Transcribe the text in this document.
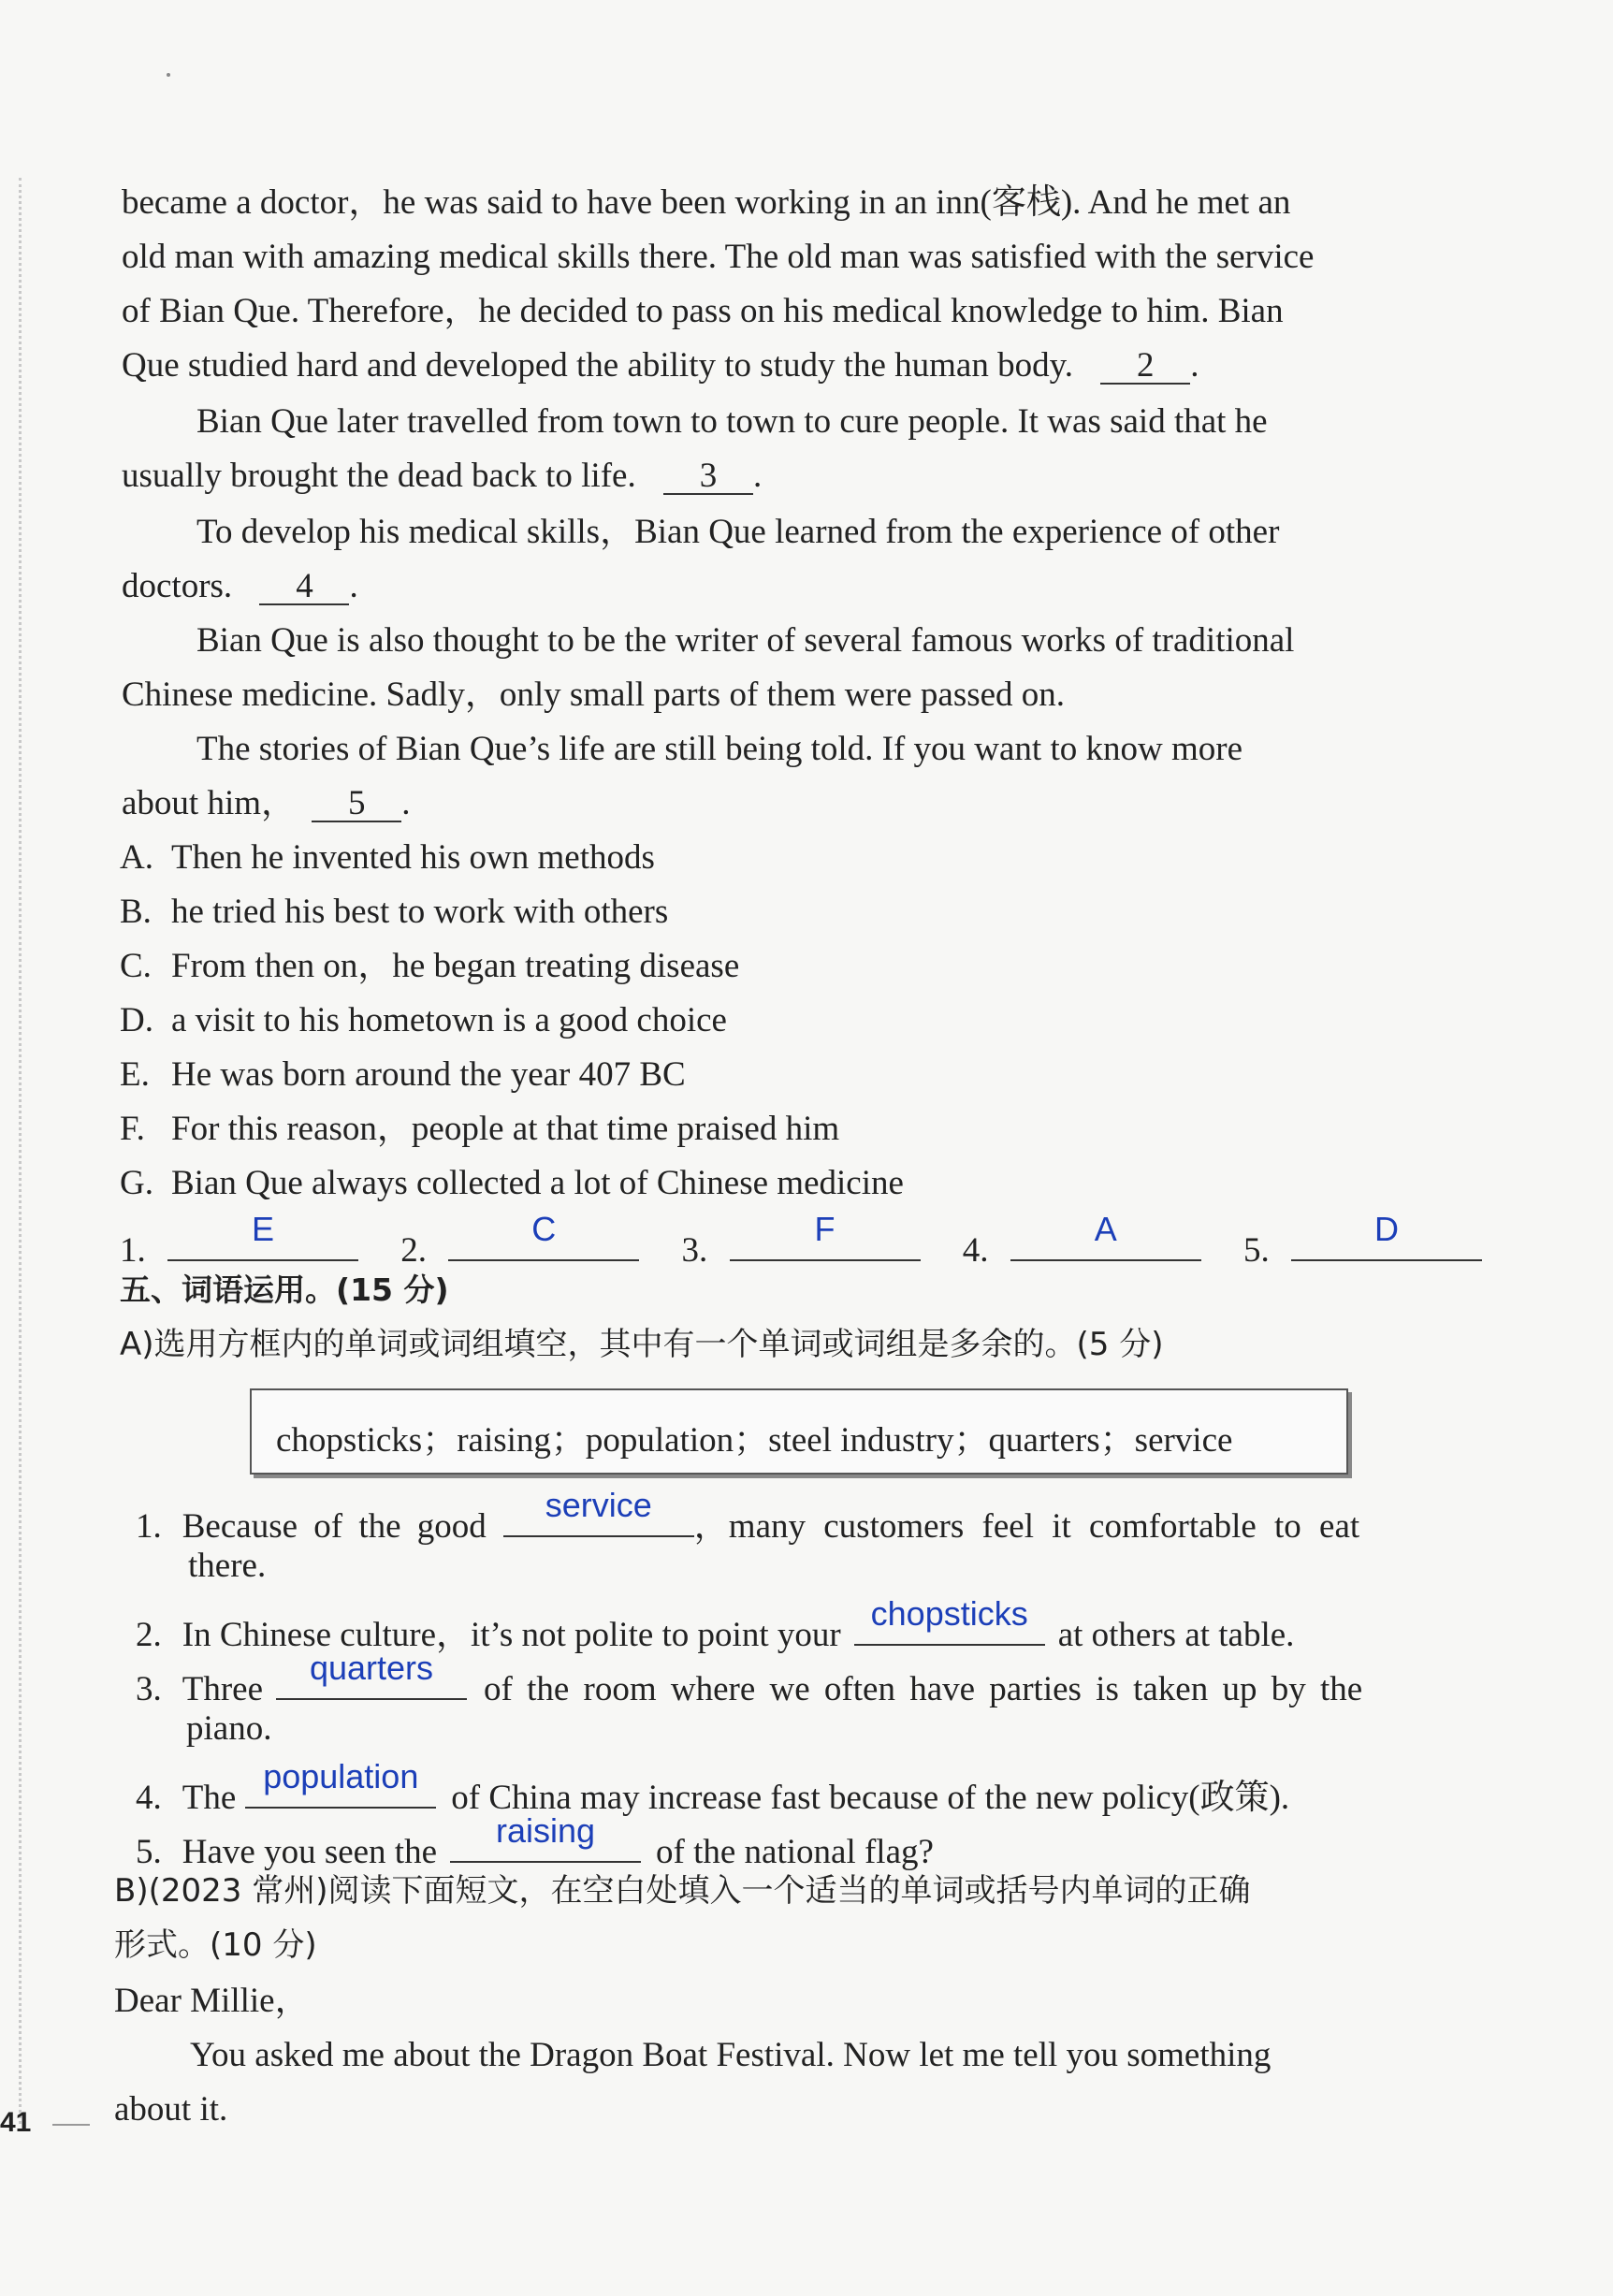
became a doctor，he was said to have been working in an inn(客栈). And he met an
old man with amazing medical skills there. The old man was satisfied with the service
of Bian Que. Therefore，he decided to pass on his medical knowledge to him. Bian
Que studied hard and developed the ability to study the human body. 2 .
Bian Que later travelled from town to town to cure people. It was said that he
usually brought the dead back to life. 3 .
To develop his medical skills，Bian Que learned from the experience of other
doctors. 4 .
Bian Que is also thought to be the writer of several famous works of traditional
Chinese medicine. Sadly，only small parts of them were passed on.
The stories of Bian Que’s life are still being told. If you want to know more
about him， 5 .
A. Then he invented his own methods
B. he tried his best to work with others
C. From then on，he began treating disease
D. a visit to his hometown is a good choice
E. He was born around the year 407 BC
F. For this reason，people at that time praised him
G. Bian Que always collected a lot of Chinese medicine
1.
E
2.
C
3.
F
4.
A
5.
D
五、词语运用。(15 分)
A)选用方框内的单词或词组填空，其中有一个单词或词组是多余的。(5 分)
chopsticks；raising；population；steel industry；quarters；service
1. Because of the good
service
，many customers feel it comfortable to eat
there.
2. In Chinese culture，it’s not polite to point your
chopsticks
at others at table.
3. Three
quarters
of the room where we often have parties is taken up by the
piano.
4. The
population
of China may increase fast because of the new policy(政策).
5. Have you seen the
raising
of the national flag?
B)(2023 常州)阅读下面短文，在空白处填入一个适当的单词或括号内单词的正确
形式。(10 分)
Dear Millie，
You asked me about the Dragon Boat Festival. Now let me tell you something
about it.
41
